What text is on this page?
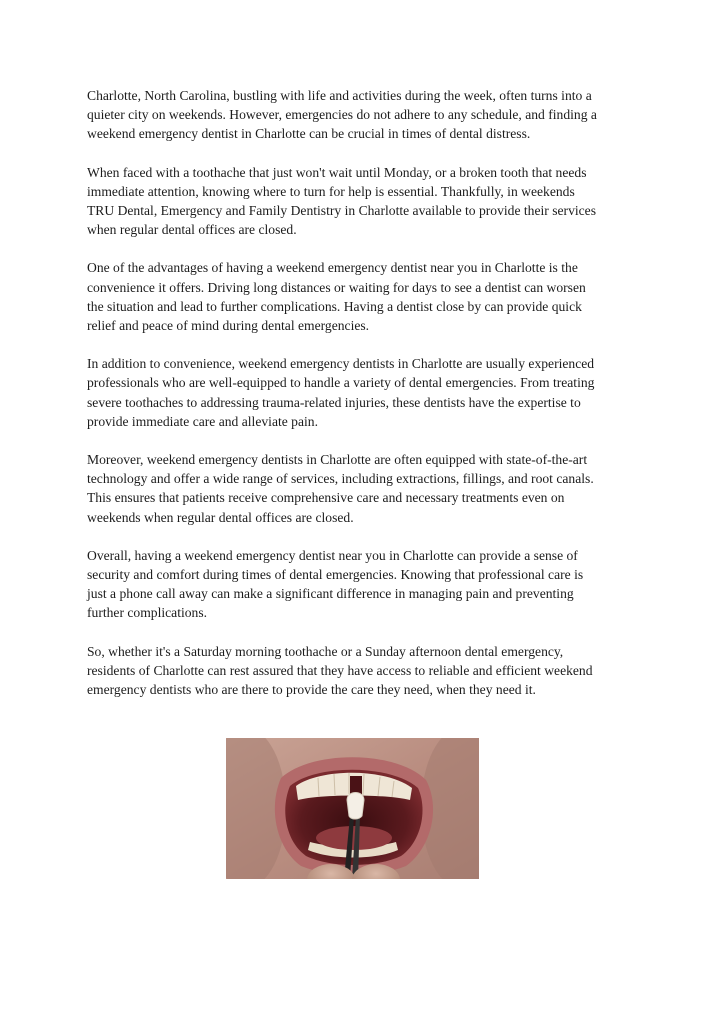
Charlotte, North Carolina, bustling with life and activities during the week, often turns into a
quieter city on weekends. However, emergencies do not adhere to any schedule, and finding a
weekend emergency dentist in Charlotte can be crucial in times of dental distress.

When faced with a toothache that just won't wait until Monday, or a broken tooth that needs
immediate attention, knowing where to turn for help is essential. Thankfully, in weekends
TRU Dental, Emergency and Family Dentistry in Charlotte available to provide their services
when regular dental offices are closed.

One of the advantages of having a weekend emergency dentist near you in Charlotte is the
convenience it offers. Driving long distances or waiting for days to see a dentist can worsen
the situation and lead to further complications. Having a dentist close by can provide quick
relief and peace of mind during dental emergencies.

In addition to convenience, weekend emergency dentists in Charlotte are usually experienced
professionals who are well-equipped to handle a variety of dental emergencies. From treating
severe toothaches to addressing trauma-related injuries, these dentists have the expertise to
provide immediate care and alleviate pain.

Moreover, weekend emergency dentists in Charlotte are often equipped with state-of-the-art
technology and offer a wide range of services, including extractions, fillings, and root canals.
This ensures that patients receive comprehensive care and necessary treatments even on
weekends when regular dental offices are closed.

Overall, having a weekend emergency dentist near you in Charlotte can provide a sense of
security and comfort during times of dental emergencies. Knowing that professional care is
just a phone call away can make a significant difference in managing pain and preventing
further complications.

So, whether it's a Saturday morning toothache or a Sunday afternoon dental emergency,
residents of Charlotte can rest assured that they have access to reliable and efficient weekend
emergency dentists who are there to provide the care they need, when they need it.
